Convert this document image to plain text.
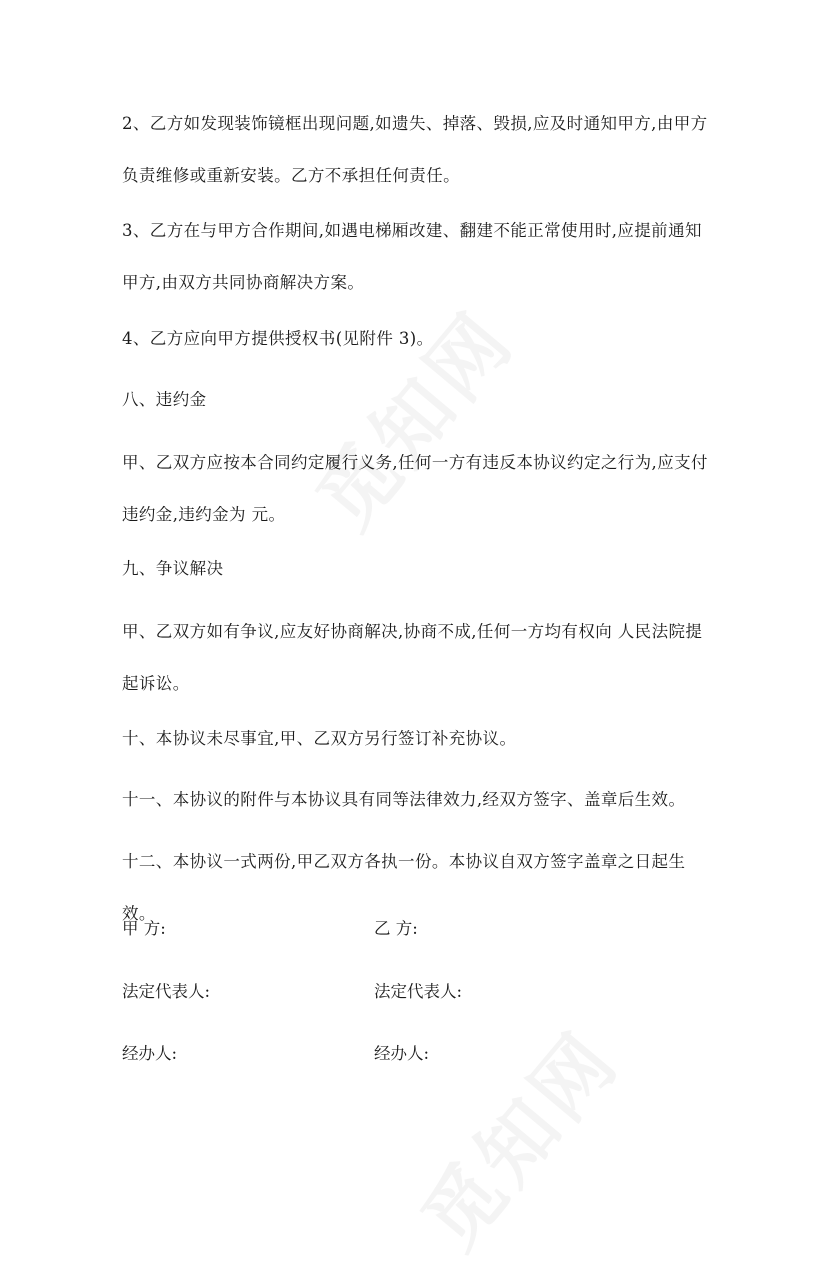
2、乙方如发现装饰镜框出现问题,如遗失、掉落、毁损,应及时通知甲方,由甲方负责维修或重新安装。乙方不承担任何责任。
3、乙方在与甲方合作期间,如遇电梯厢改建、翻建不能正常使用时,应提前通知甲方,由双方共同协商解决方案。
4、乙方应向甲方提供授权书(见附件 3)。
八、违约金
甲、乙双方应按本合同约定履行义务,任何一方有违反本协议约定之行为,应支付违约金,违约金为 元。
九、争议解决
甲、乙双方如有争议,应友好协商解决,协商不成,任何一方均有权向 人民法院提起诉讼。
十、本协议未尽事宜,甲、乙双方另行签订补充协议。
十一、本协议的附件与本协议具有同等法律效力,经双方签字、盖章后生效。
十二、本协议一式两份,甲乙双方各执一份。本协议自双方签字盖章之日起生效。
甲 方:	乙 方:
法定代表人:	法定代表人:
经办人:	经办人:
